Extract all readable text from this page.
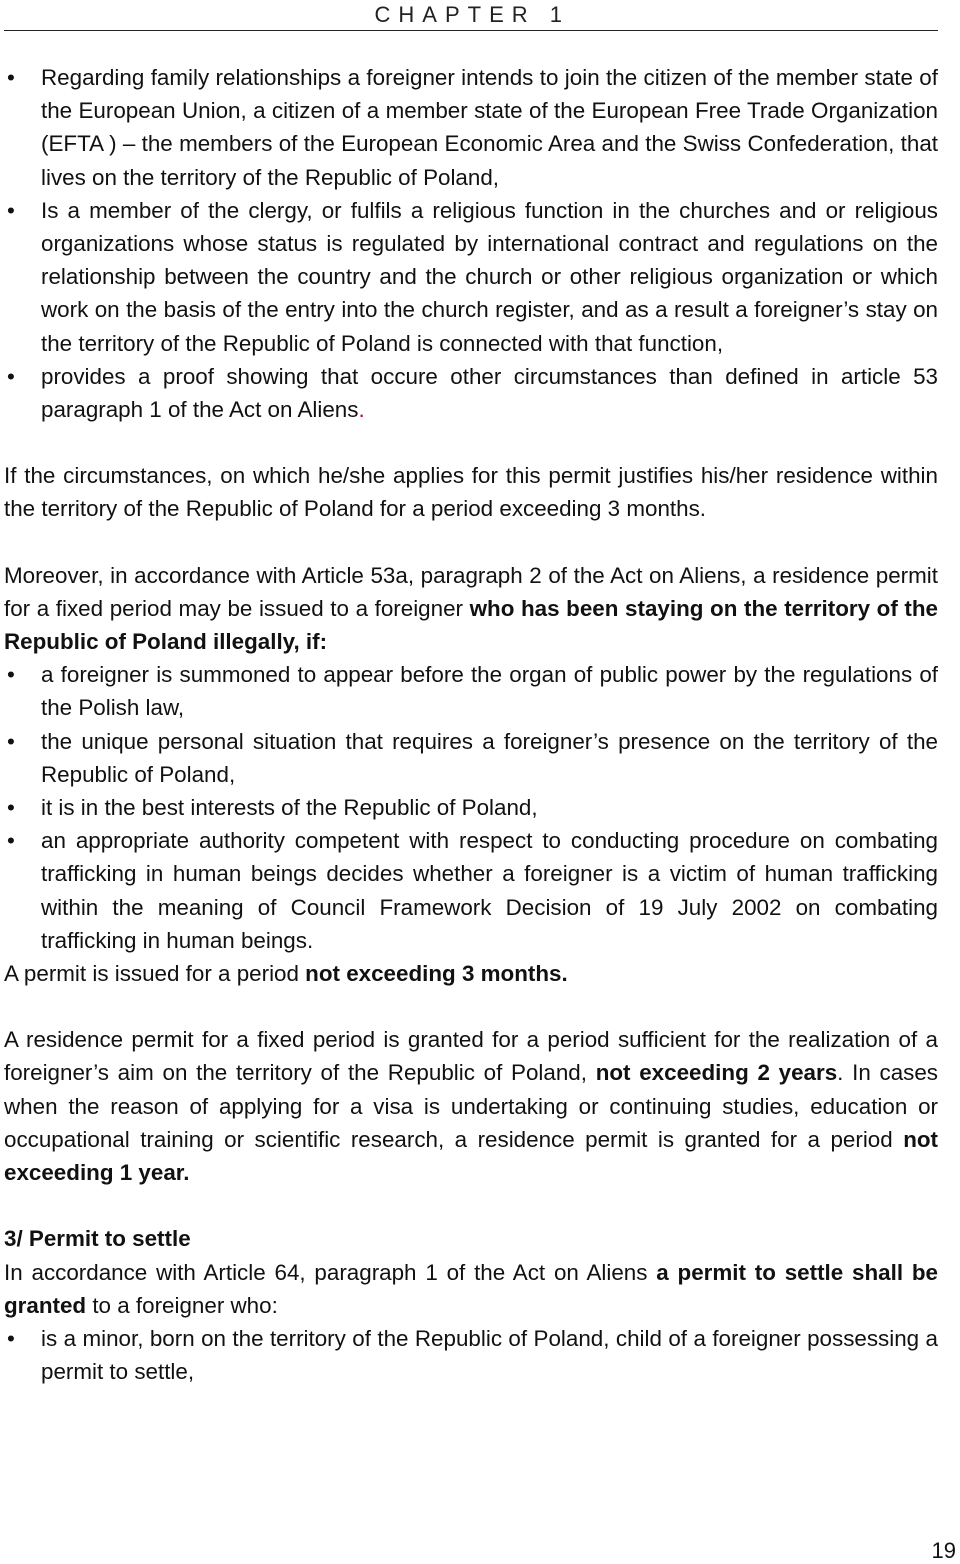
CHAPTER 1
• Regarding family relationships a foreigner intends to join the citizen of the member state of the European Union, a citizen of a member state of the European Free Trade Organization (EFTA ) – the members of the European Economic Area and the Swiss Confederation, that lives on the territory of the Republic of Poland,
• Is a member of the clergy, or fulfils a religious function in the churches and or religious organizations whose status is regulated by international contract and regulations on the relationship between the country and the church or other religious organization or which work on the basis of the entry into the church register, and as a result a foreigner’s stay on the territory of the Republic of Poland is connected with that function,
• provides a proof showing that occure other circumstances than defined in article 53 paragraph 1 of the Act on Aliens.

If the circumstances, on which he/she applies for this permit justifies his/her residence within the territory of the Republic of Poland for a period exceeding 3 months.

Moreover, in accordance with Article 53a, paragraph 2 of the Act on Aliens, a residence permit for a fixed period may be issued to a foreigner who has been staying on the territory of the Republic of Poland illegally, if:

• a foreigner is summoned to appear before the organ of public power by the regulations of the Polish law,
• the unique personal situation that requires a foreigner’s presence on the territory of the Republic of Poland,
• it is in the best interests of the Republic of Poland,
• an appropriate authority competent with respect to conducting procedure on combating trafficking in human beings decides whether a foreigner is a victim of human trafficking within the meaning of Council Framework Decision of 19 July 2002 on combating trafficking in human beings.

A permit is issued for a period not exceeding 3 months.

A residence permit for a fixed period is granted for a period sufficient for the realization of a foreigner’s aim on the territory of the Republic of Poland, not exceeding 2 years. In cases when the reason of applying for a visa is undertaking or continuing studies, education or occupational training or scientific research, a residence permit is granted for a period not exceeding 1 year.

3/ Permit to settle

In accordance with Article 64, paragraph 1 of the Act on Aliens a permit to settle shall be granted to a foreigner who:

• is a minor, born on the territory of the Republic of Poland, child of a foreigner possessing a permit to settle,
19
